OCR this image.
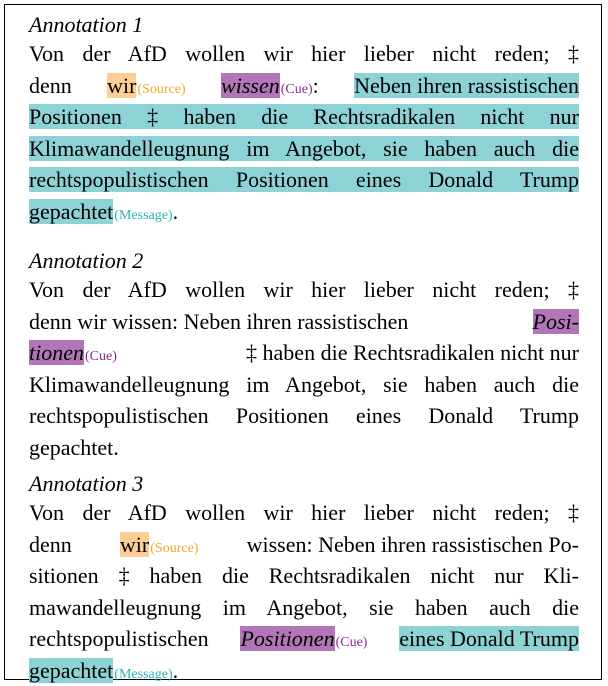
Annotation 1

Von der AfD wollen wir hier lieber nicht reden; ‡
denn wir(Source) wissen(Cue): Neben ihren rassistischen
Positionen ‡ haben die Rechtsradikalen nicht nur
Klimawandelleugnung im Angebot, sie haben auch die
rechtspopulistischen Positionen eines Donald Trump
gepachtet(Message).

Annotation 2

Von der AfD wollen wir hier lieber nicht reden; ‡
denn wir wissen: Neben ihren rassistischen	Posi-
tionen(Cue)	‡ haben die Rechtsradikalen nicht nur
Klimawandelleugnung im Angebot, sie haben auch die
rechtspopulistischen Positionen eines Donald Trump
gepachtet.

Annotation 3

Von der AfD wollen wir hier lieber nicht reden; ‡
denn wir(Source) wissen: Neben ihren rassistischen Po-
sitionen ‡ haben die Rechtsradikalen nicht nur Kli-
mawandelleugnung im Angebot, sie haben auch die
rechtspopulistischen Positionen(Cue) eines Donald Trump
gepachtet(Message).
